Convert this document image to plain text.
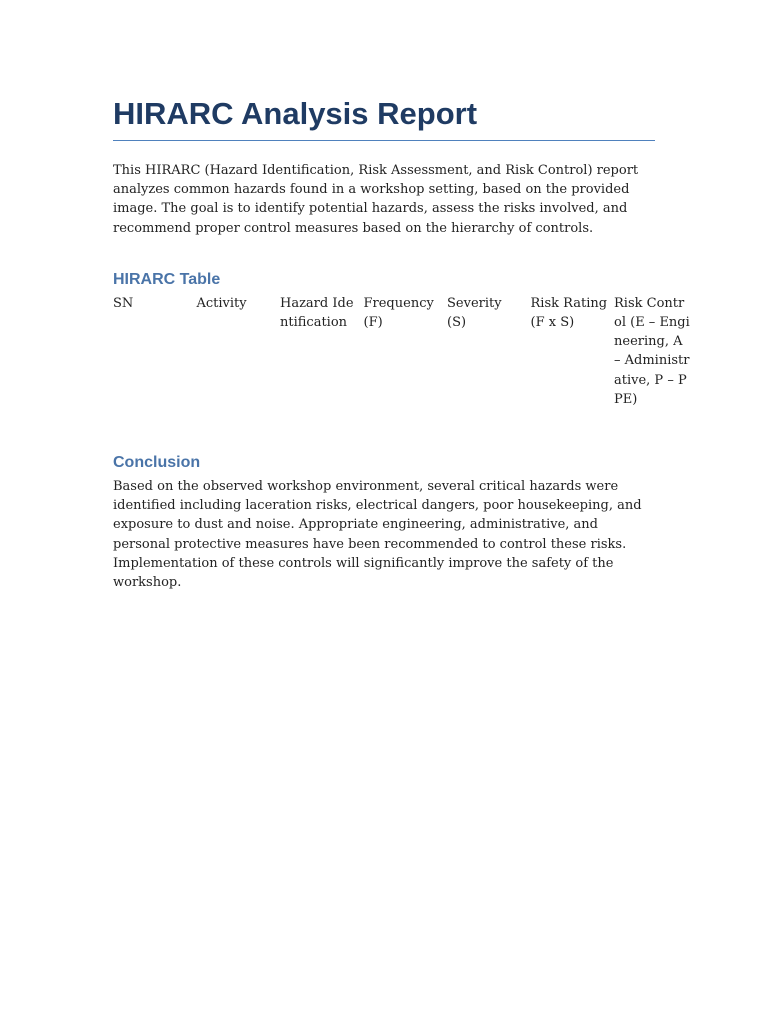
HIRARC Analysis Report

This HIRARC (Hazard Identification, Risk Assessment, and Risk Control) report analyzes common hazards found in a workshop setting, based on the provided image. The goal is to identify potential hazards, assess the risks involved, and recommend proper control measures based on the hierarchy of controls.

HIRARC Table
SN	Activity	Hazard Identification	Frequency (F)	Severity (S)	Risk Rating (F x S)	Risk Control (E – Engineering, A – Administrative, P – PPE)
Conclusion

Based on the observed workshop environment, several critical hazards were identified including laceration risks, electrical dangers, poor housekeeping, and exposure to dust and noise. Appropriate engineering, administrative, and personal protective measures have been recommended to control these risks. Implementation of these controls will significantly improve the safety of the workshop.
